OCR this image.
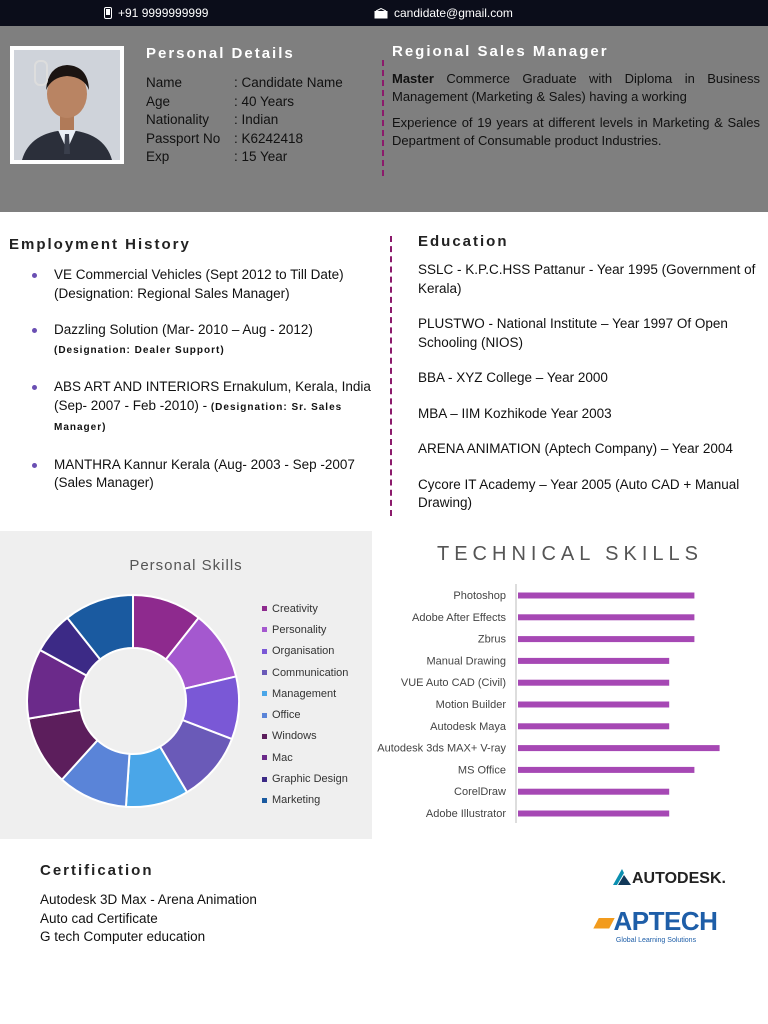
+91 9999999999	candidate@gmail.com
Personal Details
Name	: Candidate Name
Age	: 40 Years
Nationality	: Indian
Passport No	: K6242418
Exp	: 15 Year
Regional Sales Manager

Master Commerce Graduate with Diploma in Business Management (Marketing & Sales) having a working

Experience of 19 years at different levels in Marketing & Sales Department of Consumable product Industries.

Employment History
VE Commercial Vehicles (Sept 2012 to Till Date) (Designation: Regional Sales Manager)
Dazzling Solution (Mar- 2010 – Aug - 2012)
(Designation: Dealer Support)
ABS ART AND INTERIORS Ernakulum, Kerala, India (Sep- 2007 - Feb -2010) - (Designation: Sr. Sales Manager)
MANTHRA Kannur Kerala (Aug- 2003 - Sep -2007 (Sales Manager)
Education
SSLC - K.P.C.HSS Pattanur - Year 1995 (Government of Kerala)
PLUSTWO - National Institute – Year 1997 Of Open Schooling (NIOS)
BBA - XYZ College – Year 2000
MBA – IIM Kozhikode Year 2003
ARENA ANIMATION (Aptech Company) – Year 2004
Cycore IT Academy – Year 2005 (Auto CAD + Manual Drawing)
Personal Skills
Creativity
Personality
Organisation
Communication
Management
Office
Windows
Mac
Graphic Design
Marketing
TECHNICAL SKILLS
Photoshop
Adobe After Effects
Zbrus
Manual Drawing
VUE Auto CAD (Civil)
Motion Builder
Autodesk Maya
Autodesk 3ds MAX+ V-ray
MS Office
CorelDraw
Adobe Illustrator
Certification
Autodesk 3D Max - Arena Animation
Auto cad Certificate
G tech Computer education
AUTODESK.
▰APTECH
Global Learning Solutions
